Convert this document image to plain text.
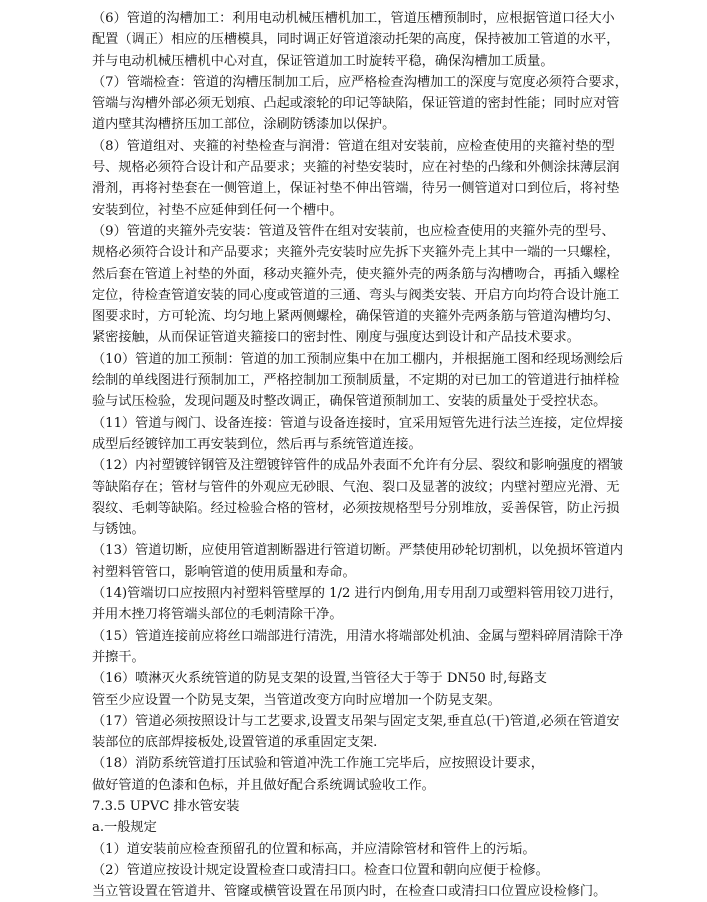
（6）管道的沟槽加工：利用电动机械压槽机加工，管道压槽预制时，应根据管道口径大小
配置（调正）相应的压槽模具，同时调正好管道滚动托架的高度，保持被加工管道的水平，
并与电动机械压槽机中心对直，保证管道加工时旋转平稳，确保沟槽加工质量。
（7）管端检查：管道的沟槽压制加工后，应严格检查沟槽加工的深度与宽度必须符合要求，
管端与沟槽外部必须无划痕、凸起或滚轮的印记等缺陷，保证管道的密封性能；同时应对管
道内壁其沟槽挤压加工部位，涂刷防锈漆加以保护。
（8）管道组对、夹箍的衬垫检查与润滑：管道在组对安装前，应检查使用的夹箍衬垫的型
号、规格必须符合设计和产品要求；夹箍的衬垫安装时，应在衬垫的凸缘和外侧涂抹薄层润
滑剂，再将衬垫套在一侧管道上，保证衬垫不伸出管端，待另一侧管道对口到位后，将衬垫
安装到位，衬垫不应延伸到任何一个槽中。
（9）管道的夹箍外壳安装：管道及管件在组对安装前，也应检查使用的夹箍外壳的型号、
规格必须符合设计和产品要求；夹箍外壳安装时应先拆下夹箍外壳上其中一端的一只螺栓，
然后套在管道上衬垫的外面，移动夹箍外壳，使夹箍外壳的两条筋与沟槽吻合，再插入螺栓
定位，待检查管道安装的同心度或管道的三通、弯头与阀类安装、开启方向均符合设计施工
图要求时，方可轮流、均匀地上紧两侧螺栓，确保管道的夹箍外壳两条筋与管道沟槽均匀、
紧密接触，从而保证管道夹箍接口的密封性、刚度与强度达到设计和产品技术要求。
（10）管道的加工预制：管道的加工预制应集中在加工棚内，并根据施工图和经现场测绘后
绘制的单线图进行预制加工，严格控制加工预制质量，不定期的对已加工的管道进行抽样检
验与试压检验，发现问题及时整改调正，确保管道预制加工、安装的质量处于受控状态。
（11）管道与阀门、设备连接：管道与设备连接时，宜采用短管先进行法兰连接，定位焊接
成型后经镀锌加工再安装到位，然后再与系统管道连接。
（12）内衬塑镀锌钢管及注塑镀锌管件的成品外表面不允许有分层、裂纹和影响强度的褶皱
等缺陷存在；管材与管件的外观应无砂眼、气泡、裂口及显著的波纹；内壁衬塑应光滑、无
裂纹、毛刺等缺陷。经过检验合格的管材，必须按规格型号分别堆放，妥善保管，防止污损
与锈蚀。
（13）管道切断，应使用管道割断器进行管道切断。严禁使用砂轮切割机，以免损坏管道内
衬塑料管管口，影响管道的使用质量和寿命。
（14)管端切口应按照内衬塑料管壁厚的 1/2 进行内倒角,用专用刮刀或塑料管用铰刀进行，
并用木挫刀将管端头部位的毛刺清除干净。
（15）管道连接前应将丝口端部进行清洗，用清水将端部处机油、金属与塑料碎屑清除干净
并擦干。
（16）喷淋灭火系统管道的防晃支架的设置,当管径大于等于 DN50 时,每路支
管至少应设置一个防晃支架，当管道改变方向时应增加一个防晃支架。
（17）管道必须按照设计与工艺要求,设置支吊架与固定支架,垂直总(干)管道,必须在管道安
装部位的底部焊接板处,设置管道的承重固定支架.
（18）消防系统管道打压试验和管道冲洗工作施工完毕后，应按照设计要求，
做好管道的色漆和色标，并且做好配合系统调试验收工作。
7.3.5 UPVC 排水管安装
a.一般规定
（1）道安装前应检查预留孔的位置和标高，并应清除管材和管件上的污垢。
（2）管道应按设计规定设置检查口或清扫口。检查口位置和朝向应便于检修。
当立管设置在管道井、管窿或横管设置在吊顶内时，在检查口或清扫口位置应设检修门。
